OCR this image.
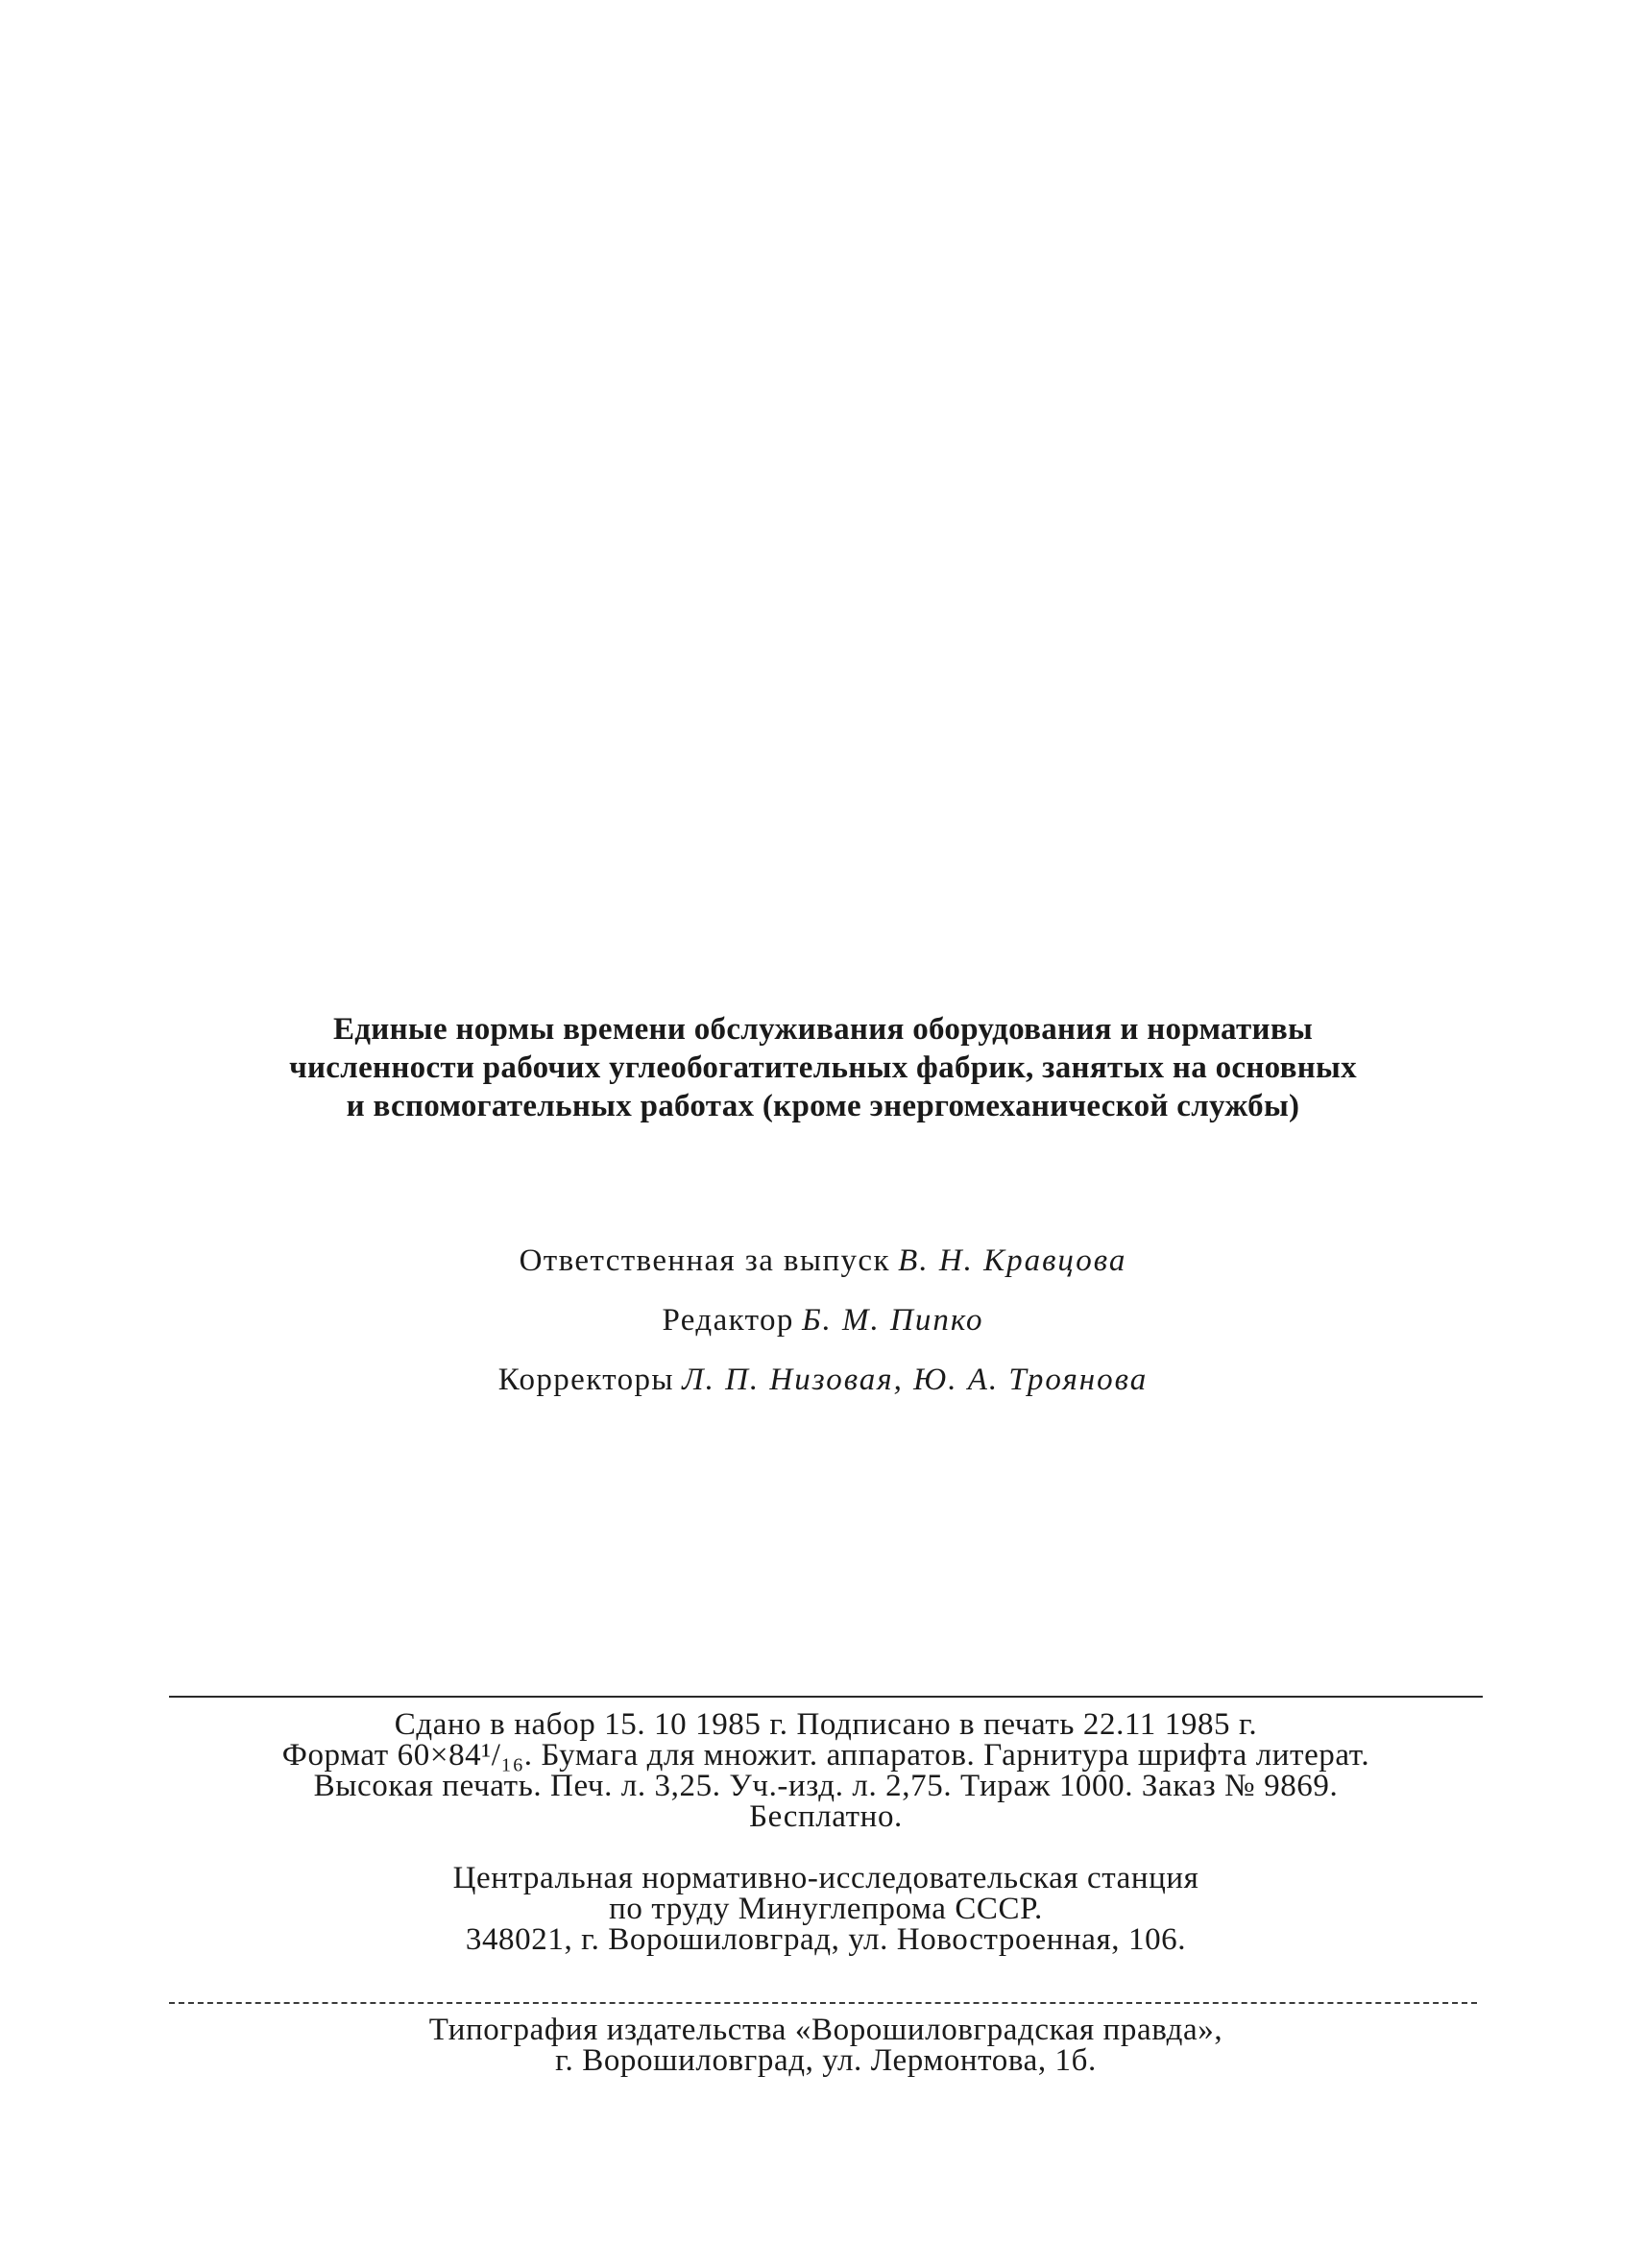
Единые нормы времени обслуживания оборудования и нормативы
численности рабочих углеобогатительных фабрик, занятых на основных
и вспомогательных работах (кроме энергомеханической службы)
Ответственная за выпуск В. Н. Кравцова
Редактор Б. М. Пипко
Корректоры Л. П. Низовая, Ю. А. Троянова
Сдано в набор 15. 10 1985 г. Подписано в печать 22.11 1985 г.
Формат 60×84¹/₁₆. Бумага для множит. аппаратов. Гарнитура шрифта литерат.
Высокая печать. Печ. л. 3,25. Уч.-изд. л. 2,75. Тираж 1000. Заказ № 9869.
Бесплатно.
Центральная нормативно-исследовательская станция
по труду Минуглепрома СССР.
348021, г. Ворошиловград, ул. Новостроенная, 106.
Типография издательства «Ворошиловградская правда»,
г. Ворошиловград, ул. Лермонтова, 1б.
